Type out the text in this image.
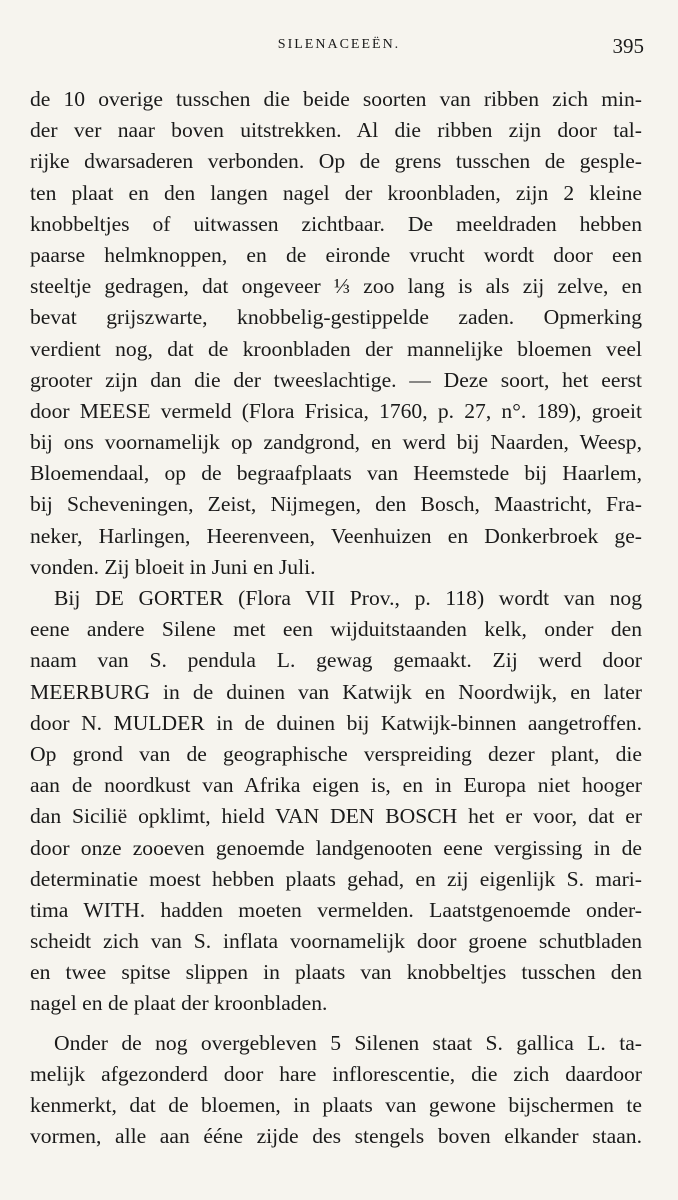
SILENACEEËN.	395
de 10 overige tusschen die beide soorten van ribben zich min-
der ver naar boven uitstrekken. Al die ribben zijn door tal-
rijke dwarsaderen verbonden. Op de grens tusschen de gesple-
ten plaat en den langen nagel der kroonbladen, zijn 2 kleine
knobbeltjes of uitwassen zichtbaar. De meeldraden hebben
paarse helmknoppen, en de eironde vrucht wordt door een
steeltje gedragen, dat ongeveer ⅓ zoo lang is als zij zelve, en
bevat grijszwarte, knobbelig-gestippelde zaden. Opmerking
verdient nog, dat de kroonbladen der mannelijke bloemen veel
grooter zijn dan die der tweeslachtige. — Deze soort, het eerst
door MEESE vermeld (Flora Frisica, 1760, p. 27, n°. 189), groeit
bij ons voornamelijk op zandgrond, en werd bij Naarden, Weesp,
Bloemendaal, op de begraafplaats van Heemstede bij Haarlem,
bij Scheveningen, Zeist, Nijmegen, den Bosch, Maastricht, Fra-
neker, Harlingen, Heerenveen, Veenhuizen en Donkerbroek ge-
vonden. Zij bloeit in Juni en Juli.
Bij DE GORTER (Flora VII Prov., p. 118) wordt van nog
eene andere Silene met een wijduitstaanden kelk, onder den
naam van S. pendula L. gewag gemaakt. Zij werd door
MEERBURG in de duinen van Katwijk en Noordwijk, en later
door N. MULDER in de duinen bij Katwijk-binnen aangetroffen.
Op grond van de geographische verspreiding dezer plant, die
aan de noordkust van Afrika eigen is, en in Europa niet hooger
dan Sicilië opklimt, hield VAN DEN BOSCH het er voor, dat er
door onze zooeven genoemde landgenooten eene vergissing in de
determinatie moest hebben plaats gehad, en zij eigenlijk S. mari-
tima WITH. hadden moeten vermelden. Laatstgenoemde onder-
scheidt zich van S. inflata voornamelijk door groene schutbladen
en twee spitse slippen in plaats van knobbeltjes tusschen den
nagel en de plaat der kroonbladen.
Onder de nog overgebleven 5 Silenen staat S. gallica L. ta-
melijk afgezonderd door hare inflorescentie, die zich daardoor
kenmerkt, dat de bloemen, in plaats van gewone bijschermen te
vormen, alle aan ééne zijde des stengels boven elkander staan.
